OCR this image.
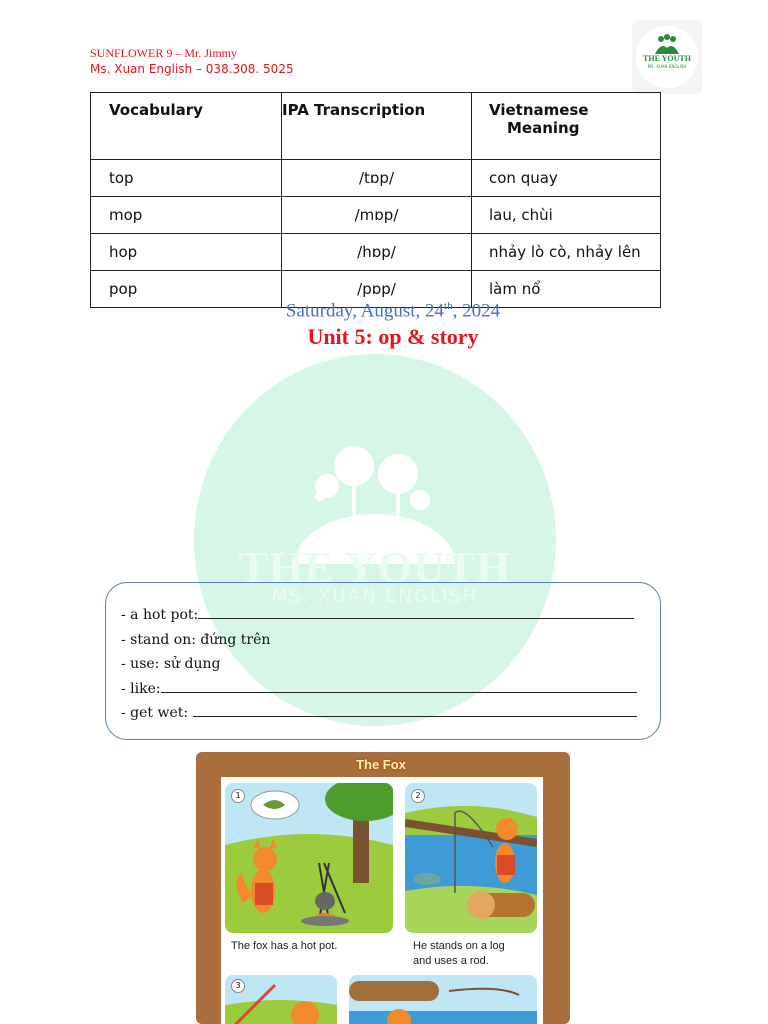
SUNFLOWER 9 – Mr. Jimmy
Ms. Xuan English – 038.308. 5025
THE YOUTH
MS. XUAN ENGLISH
Vocabulary	IPA Transcription	Vietnamese
Meaning

top	/tɒp/	con quay
mop	/mɒp/	lau, chùi
hop	/hɒp/	nhảy lò cò, nhảy lên
pop	/pɒp/	làm nổ
Saturday, August, 24th, 2024
Unit 5: op & story
THE YOUTH
MS. XUAN ENGLISH
- a hot pot:
- stand on: đứng trên
- use: sử dụng
- like:
- get wet:
The Fox
1	2
The fox has a hot pot.	He stands on a log
and uses a rod.
3
